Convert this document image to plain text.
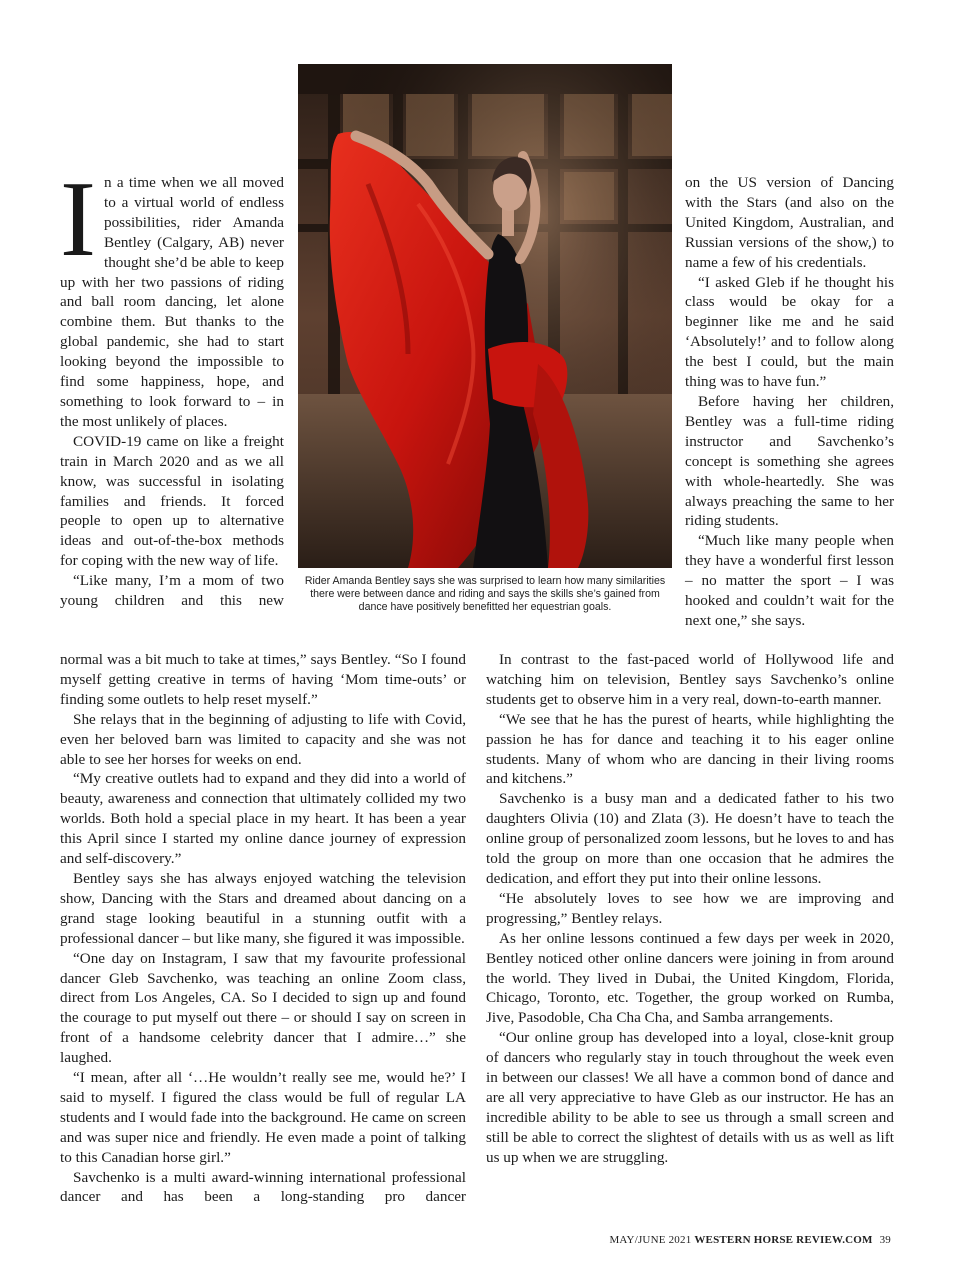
In a time when we all moved to a virtual world of endless possibilities, rider Amanda Bentley (Calgary, AB) never thought she’d be able to keep up with her two passions of riding and ball room dancing, let alone combine them. But thanks to the global pandemic, she had to start looking beyond the impossible to find some happiness, hope, and something to look forward to – in the most unlikely of places.

COVID-19 came on like a freight train in March 2020 and as we all know, was successful in isolating families and friends. It forced people to open up to alternative ideas and out-of-the-box methods for coping with the new way of life.

“Like many, I’m a mom of two young children and this new

Rider Amanda Bentley says she was surprised to learn how many similarities there were between dance and riding and says the skills she’s gained from dance have positively benefitted her equestrian goals.

on the US version of Dancing with the Stars (and also on the United Kingdom, Australian, and Russian versions of the show,) to name a few of his credentials.

“I asked Gleb if he thought his class would be okay for a beginner like me and he said ‘Absolutely!’ and to follow along the best I could, but the main thing was to have fun.”

Before having her children, Bentley was a full-time riding instructor and Savchenko’s concept is something she agrees with whole-heartedly. She was always preaching the same to her riding students.

“Much like many people when they have a wonderful first lesson – no matter the sport – I was hooked and couldn’t wait for the next one,” she says.

normal was a bit much to take at times,” says Bentley. “So I found myself getting creative in terms of having ‘Mom time-outs’ or finding some outlets to help reset myself.”

She relays that in the beginning of adjusting to life with Covid, even her beloved barn was limited to capacity and she was not able to see her horses for weeks on end.

“My creative outlets had to expand and they did into a world of beauty, awareness and connection that ultimately collided my two worlds. Both hold a special place in my heart. It has been a year this April since I started my online dance journey of expression and self-discovery.”

Bentley says she has always enjoyed watching the television show, Dancing with the Stars and dreamed about dancing on a grand stage looking beautiful in a stunning outfit with a professional dancer – but like many, she figured it was impossible.

“One day on Instagram, I saw that my favourite professional dancer Gleb Savchenko, was teaching an online Zoom class, direct from Los Angeles, CA. So I decided to sign up and found the courage to put myself out there – or should I say on screen in front of a handsome celebrity dancer that I admire…” she laughed.

“I mean, after all ‘…He wouldn’t really see me, would he?’ I said to myself. I figured the class would be full of regular LA students and I would fade into the background. He came on screen and was super nice and friendly. He even made a point of talking to this Canadian horse girl.”

Savchenko is a multi award-winning international professional dancer and has been a long-standing pro dancer

In contrast to the fast-paced world of Hollywood life and watching him on television, Bentley says Savchenko’s online students get to observe him in a very real, down-to-earth manner.

“We see that he has the purest of hearts, while highlighting the passion he has for dance and teaching it to his eager online students. Many of whom who are dancing in their living rooms and kitchens.”

Savchenko is a busy man and a dedicated father to his two daughters Olivia (10) and Zlata (3). He doesn’t have to teach the online group of personalized zoom lessons, but he loves to and has told the group on more than one occasion that he admires the dedication, and effort they put into their online lessons.

“He absolutely loves to see how we are improving and progressing,” Bentley relays.

As her online lessons continued a few days per week in 2020, Bentley noticed other online dancers were joining in from around the world. They lived in Dubai, the United Kingdom, Florida, Chicago, Toronto, etc. Together, the group worked on Rumba, Jive, Pasodoble, Cha Cha Cha, and Samba arrangements.

“Our online group has developed into a loyal, close-knit group of dancers who regularly stay in touch throughout the week even in between our classes! We all have a common bond of dance and are all very appreciative to have Gleb as our instructor. He has an incredible ability to be able to see us through a small screen and still be able to correct the slightest of details with us as well as lift us up when we are struggling.

MAY/JUNE 2021 WESTERN HORSE REVIEW.COM 39
